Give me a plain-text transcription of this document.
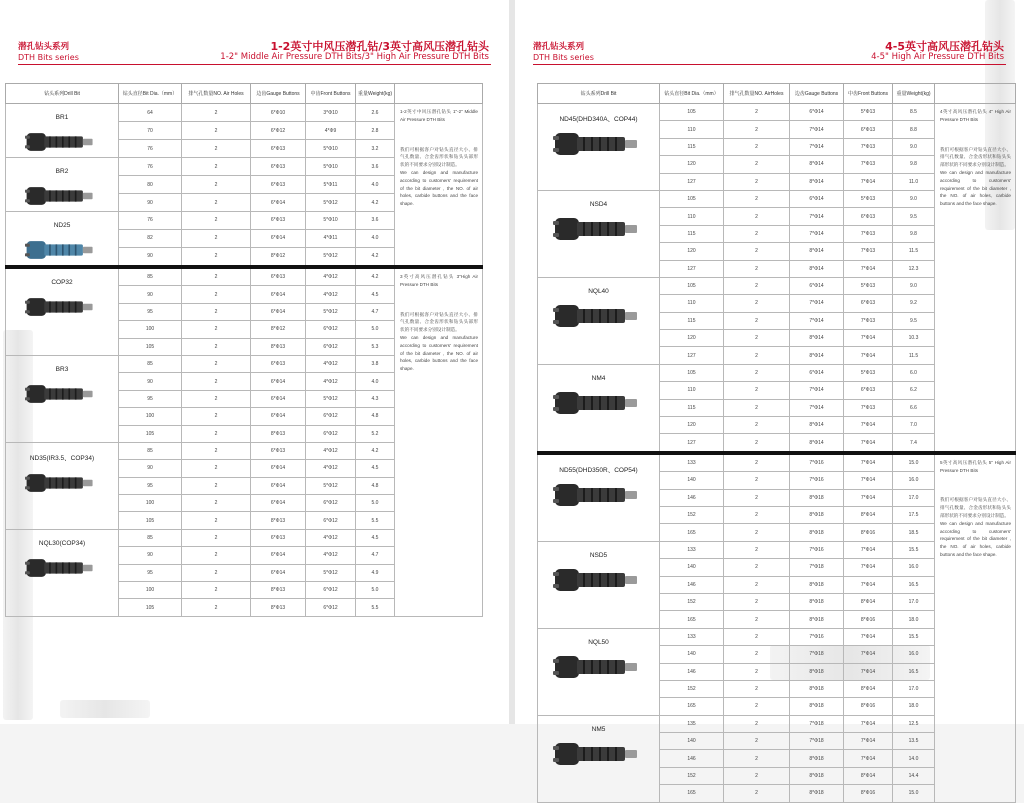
潜孔钻头系列
DTH Bits series
1-2英寸中风压潜孔钻/3英寸高风压潜孔钻头
1-2" Middle Air Pressure DTH Bits/3" High Air Pressure DTH Bits
钻头系列Drill Bit	钻头直径Bit Dia.（mm）	排气孔数量NO. Air Holes	边齿Gauge Buttons	中齿Front Buttons	重量Weight(kg)	

BR1	64	2	6*Φ10	3*Φ10	2.6	1-2英寸中风压潜孔钻头 1"-2" Middle Air Pressure DTH Bits
我们可根据客户对钻头直径大小、排气孔数量、合金齿形状和钻头头部形状的不同要求分别设计制造。
We can design and manufacture according to customers' requirement of the bit diameter , the NO. of air holes, carbide buttons and the face shape.

	70	2	6*Φ12	4*Φ9	2.8	
	76	2	6*Φ13	5*Φ10	3.2	

BR2	76	2	6*Φ13	5*Φ10	3.6	
	80	2	6*Φ13	5*Φ11	4.0	
	90	2	6*Φ14	5*Φ12	4.2	

ND25	76	2	6*Φ13	5*Φ10	3.6	
	82	2	6*Φ14	4*Φ11	4.0	
	90	2	8*Φ12	5*Φ12	4.2	

COP32	85	2	6*Φ13	4*Φ12	4.2	3英寸高风压潜孔钻头 3"High Air Pressure DTH Bits
我们可根据客户对钻头直径大小、排气孔数量、合金齿形状和钻头头部形状的不同要求分别设计制造。
We can design and manufacture according to customers' requirement of the bit diameter , the NO. of air holes, carbide buttons and the face shape.

	90	2	6*Φ14	4*Φ12	4.5	
	95	2	6*Φ14	5*Φ12	4.7	
	100	2	8*Φ12	6*Φ12	5.0	
	105	2	8*Φ13	6*Φ12	5.3	

BR3	85	2	6*Φ13	4*Φ12	3.8	
	90	2	6*Φ14	4*Φ12	4.0	
	95	2	6*Φ14	5*Φ12	4.3	
	100	2	6*Φ14	6*Φ12	4.8	
	105	2	8*Φ13	6*Φ12	5.2	

ND35(IR3.5、COP34)	85	2	6*Φ13	4*Φ12	4.2	
	90	2	6*Φ14	4*Φ12	4.5	
	95	2	6*Φ14	5*Φ12	4.8	
	100	2	6*Φ14	6*Φ12	5.0	
	105	2	8*Φ13	6*Φ12	5.5	

NQL30(COP34)	85	2	6*Φ13	4*Φ12	4.5	
	90	2	6*Φ14	4*Φ12	4.7	
	95	2	6*Φ14	5*Φ12	4.9	
	100	2	8*Φ13	6*Φ12	5.0	
	105	2	8*Φ13	6*Φ12	5.5	
潜孔钻头系列
DTH Bits series
4-5英寸高风压潜孔钻头
4-5" High Air Pressure DTH Bits
钻头系列Drill Bit	钻头直径Bit Dia.（mm）	排气孔数量NO. AirHoles	边齿Gauge Buttons	中齿Front Buttons	重量Weight(kg)	

ND45(DHD340A、COP44)	105	2	6*Φ14	5*Φ13	8.5	4英寸高风压潜孔钻头 4" High Air Pressure DTH Bits
我们可根据客户对钻头直径大小、排气孔数量、合金齿形状和钻头头部形状的不同要求分别设计制造。
We can design and manufacture according to customers' requirement of the bit diameter , the NO. of air holes, carbide buttons and the face shape.

	110	2	7*Φ14	6*Φ13	8.8	
	115	2	7*Φ14	7*Φ13	9.0	
	120	2	8*Φ14	7*Φ13	9.8	
	127	2	8*Φ14	7*Φ14	11.0	

NSD4	105	2	6*Φ14	5*Φ13	9.0	
	110	2	7*Φ14	6*Φ13	9.5	
	115	2	7*Φ14	7*Φ13	9.8	
	120	2	8*Φ14	7*Φ13	11.5	
	127	2	8*Φ14	7*Φ14	12.3	

NQL40	105	2	6*Φ14	5*Φ13	9.0	
	110	2	7*Φ14	6*Φ13	9.2	
	115	2	7*Φ14	7*Φ13	9.5	
	120	2	8*Φ14	7*Φ14	10.3	
	127	2	8*Φ14	7*Φ14	11.5	

NM4	105	2	6*Φ14	5*Φ13	6.0	
	110	2	7*Φ14	6*Φ13	6.2	
	115	2	7*Φ14	7*Φ13	6.6	
	120	2	8*Φ14	7*Φ14	7.0	
	127	2	8*Φ14	7*Φ14	7.4	

ND55(DHD350R、COP54)	133	2	7*Φ16	7*Φ14	15.0	5英寸高风压潜孔钻头 5" High Air Pressure DTH Bits
我们可根据客户对钻头直径大小、排气孔数量、合金齿形状和钻头头部形状的不同要求分别设计制造。
We can design and manufacture according to customers' requirement of the bit diameter , the NO. of air holes, carbide buttons and the face shape.

	140	2	7*Φ16	7*Φ14	16.0	
	146	2	8*Φ18	7*Φ14	17.0	
	152	2	8*Φ18	8*Φ14	17.5	
	165	2	8*Φ18	8*Φ16	18.5	

NSD5	133	2	7*Φ16	7*Φ14	15.5	
	140	2	7*Φ18	7*Φ14	16.0	
	146	2	8*Φ18	7*Φ14	16.5	
	152	2	8*Φ18	8*Φ14	17.0	
	165	2	8*Φ18	8*Φ16	18.0	

NQL50	133	2	7*Φ16	7*Φ14	15.5	
	140	2	7*Φ18	7*Φ14	16.0	
	146	2	8*Φ18	7*Φ14	16.5	
	152	2	8*Φ18	8*Φ14	17.0	
	165	2	8*Φ18	8*Φ16	18.0	

NM5	135	2	7*Φ18	7*Φ14	12.5	
	140	2	7*Φ18	7*Φ14	13.5	
	146	2	8*Φ18	7*Φ14	14.0	
	152	2	8*Φ18	8*Φ14	14.4	
	165	2	8*Φ18	8*Φ16	15.0	
